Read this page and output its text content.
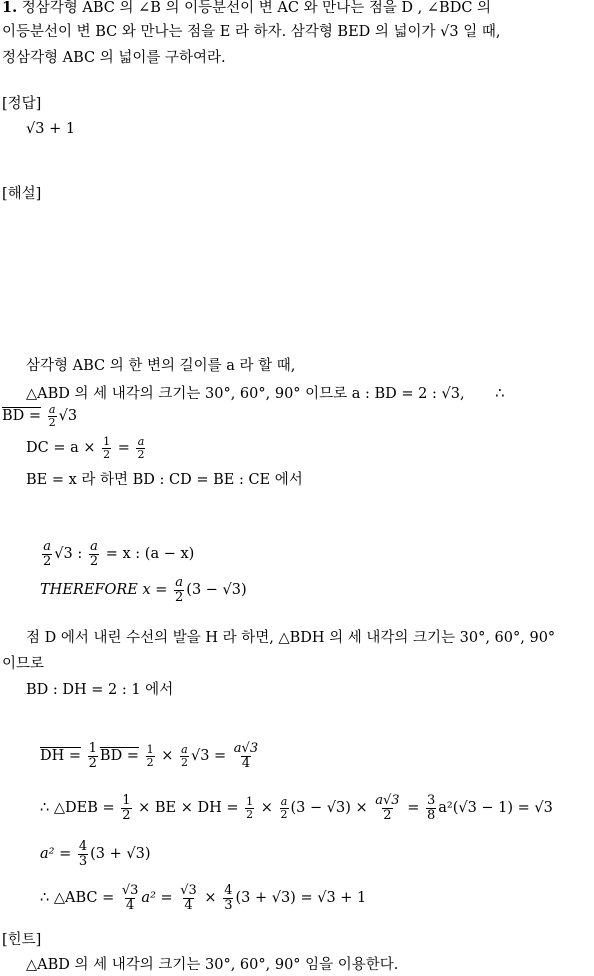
1. 정삼각형 ABC 의 ∠B 의 이등분선이 변 AC 와 만나는 점을 D , ∠BDC 의
이등분선이 변 BC 와 만나는 점을 E 라 하자. 삼각형 BED 의 넓이가 √3 일 때,
정삼각형 ABC 의 넓이를 구하여라.
[정답]
√3 + 1
[해설]
삼각형 ABC 의 한 변의 길이를 a 라 할 때,
△ABD 의 세 내각의 크기는 30°, 60°, 90° 이므로 a : BD = 2 : √3, ∴
BD = $\frac{a}{2} √3$
DC = $a \times \frac{1}{2} = \frac{a}{2}$
BE = x 라 하면 BD : CD = BE : CE 에서
$\frac{a}{2} √3$ : $\frac{a}{2} = x$ : (a − x)
THEREFORE $x = \frac{a}{2} (3 - √3)$
점 D 에서 내린 수선의 발을 H 라 하면, △BDH 의 세 내각의 크기는 30°, 60°, 90°
이므로
BD : DH = 2 : 1 에서
DH = $\frac{1}{2}$ BD = $\frac{1}{2} \times \frac{a}{2} √3 = \frac{a√3}{4}$
∴ △DEB = $\frac{1}{2}$ × BE × DH = $\frac{1}{2} \times \frac{a}{2} (3 - √3) \times \frac{a√3}{2} = \frac{3}{8} a^2(√3 - 1) = √3$
$a^2 = \frac{4}{3} (3 + √3)$
∴ △ABC = $\frac{√3}{4} a^2 = \frac{√3}{4} \times \frac{4}{3} (3 + √3) = √3 + 1$
[힌트]
△ABD 의 세 내각의 크기는 30°, 60°, 90° 임을 이용한다.
